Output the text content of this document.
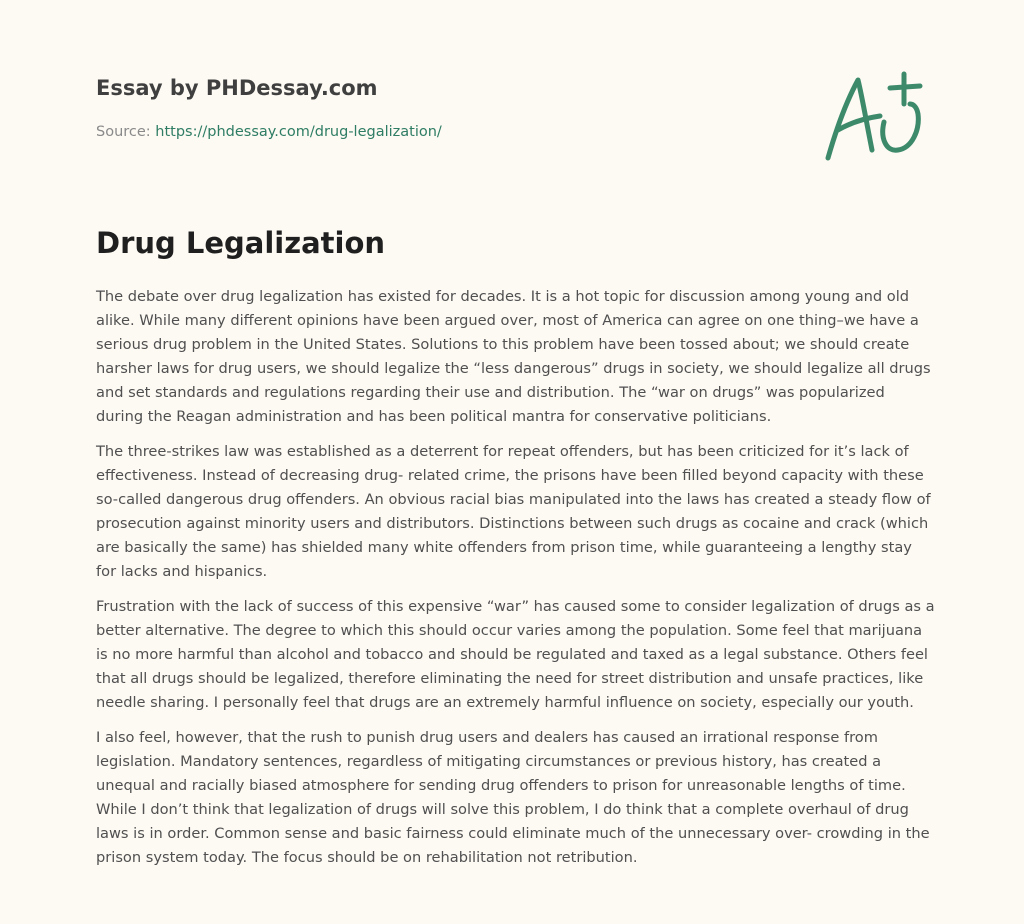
Essay by PHDessay.com
Source: https://phdessay.com/drug-legalization/
Drug Legalization

The debate over drug legalization has existed for decades. It is a hot topic for discussion among young and old alike. While many different opinions have been argued over, most of America can agree on one thing–we have a serious drug problem in the United States. Solutions to this problem have been tossed about; we should create harsher laws for drug users, we should legalize the “less dangerous” drugs in society, we should legalize all drugs and set standards and regulations regarding their use and distribution. The “war on drugs” was popularized during the Reagan administration and has been political mantra for conservative politicians.

The three-strikes law was established as a deterrent for repeat offenders, but has been criticized for it’s lack of effectiveness. Instead of decreasing drug- related crime, the prisons have been filled beyond capacity with these so-called dangerous drug offenders. An obvious racial bias manipulated into the laws has created a steady flow of prosecution against minority users and distributors. Distinctions between such drugs as cocaine and crack (which are basically the same) has shielded many white offenders from prison time, while guaranteeing a lengthy stay for lacks and hispanics.

Frustration with the lack of success of this expensive “war” has caused some to consider legalization of drugs as a better alternative. The degree to which this should occur varies among the population. Some feel that marijuana is no more harmful than alcohol and tobacco and should be regulated and taxed as a legal substance. Others feel that all drugs should be legalized, therefore eliminating the need for street distribution and unsafe practices, like needle sharing. I personally feel that drugs are an extremely harmful influence on society, especially our youth.

I also feel, however, that the rush to punish drug users and dealers has caused an irrational response from legislation. Mandatory sentences, regardless of mitigating circumstances or previous history, has created a unequal and racially biased atmosphere for sending drug offenders to prison for unreasonable lengths of time. While I don’t think that legalization of drugs will solve this problem, I do think that a complete overhaul of drug laws is in order. Common sense and basic fairness could eliminate much of the unnecessary over- crowding in the prison system today. The focus should be on rehabilitation not retribution.
